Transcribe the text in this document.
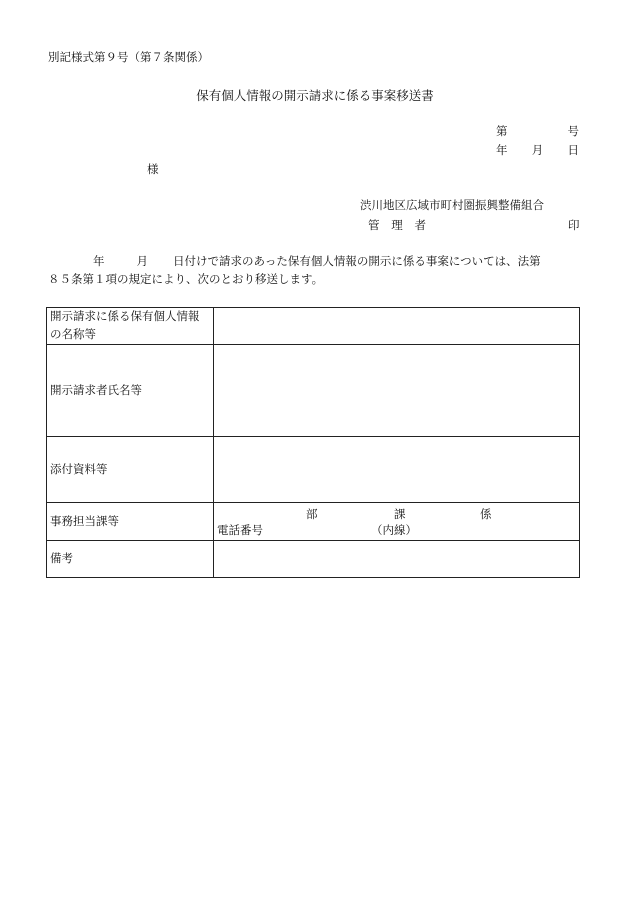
別記様式第９号（第７条関係）
保有個人情報の開示請求に係る事案移送書
第	号
年 月 日
様
渋川地区広域市町村圏振興整備組合
管 理 者	印
年	月 日付けで請求のあった保有個人情報の開示に係る事案については、法第
８５条第１項の規定により、次のとおり移送します。
開示請求に係る保有個人情報
の名称等	

開示請求者氏名等	
添付資料等	
事務担当課等	部 課 係
電話番号 （内線）

備考	
